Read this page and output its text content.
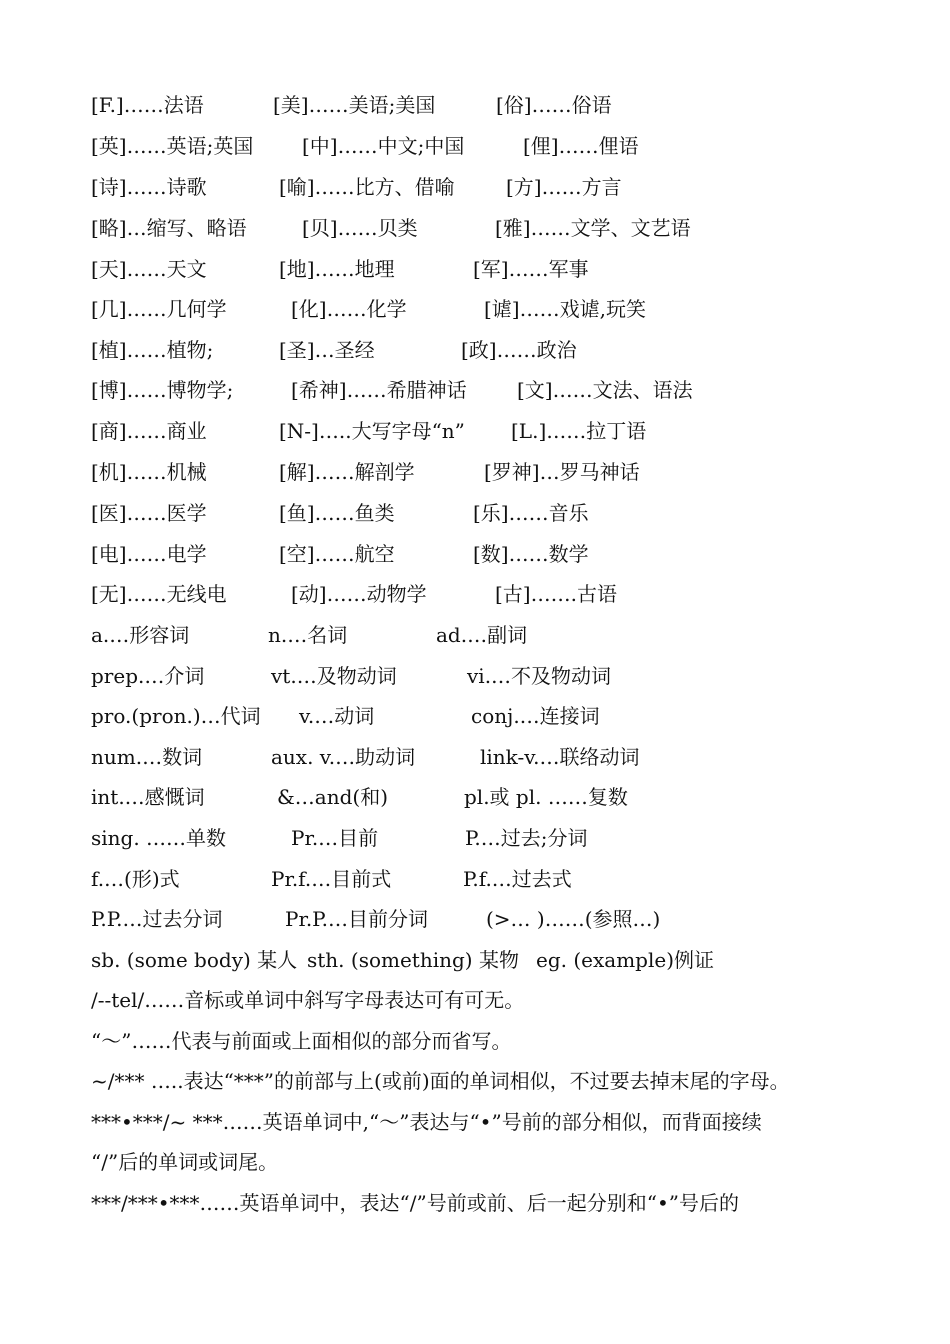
[F.]……法语	[美]……美语;美国	[俗]……俗语
[英]……英语;英国 [中]……中文;中国	[俚]……俚语
[诗]……诗歌	[喻]……比方、借喻	[方]……方言
[略]…缩写、略语	[贝]……贝类	[雅]……文学、文艺语
[天]……天文	[地]……地理	[军]……军事
[几]……几何学	[化]……化学	[谑]……戏谑,玩笑
[植]……植物;	[圣]…圣经	[政]……政治
[博]……博物学;	[希神]……希腊神话	[文]……文法、语法
[商]……商业	[N-]…..大写字母“n” [L.]……拉丁语
[机]……机械	[解]……解剖学	[罗神]…罗马神话
[医]……医学	[鱼]……鱼类	[乐]……音乐
[电]……电学	[空]……航空	[数]……数学
[无]……无线电	[动]……动物学	[古]…….古语
a.…形容词	n.…名词	ad.…副词
prep.…介词	vt.…及物动词	vi.…不及物动词
pro.(pron.)…代词 v.…动词	conj.…连接词
num.…数词	aux. v.…助动词	link-v.…联络动词
int.…感慨词	&…and(和)	pl.或 pl. ……复数
sing. ……单数	Pr.…目前	P.…过去;分词
f.…(形)式	Pr.f.…目前式	P.f.…过去式
P.P.…过去分词	Pr.P.…目前分词	(>… )……(参照…)
sb. (some body) 某人 sth. (something) 某物 eg. (example)例证
/--tel/……音标或单词中斜写字母表达可有可无。
“～”……代表与前面或上面相似的部分而省写。
~/*** …..表达“***”的前部与上(或前)面的单词相似，不过要去掉末尾的字母。
***•***/~ ***……英语单词中,“～”表达与“•”号前的部分相似，而背面接续
“/”后的单词或词尾。
***/***•***……英语单词中，表达“/”号前或前、后一起分别和“•”号后的
